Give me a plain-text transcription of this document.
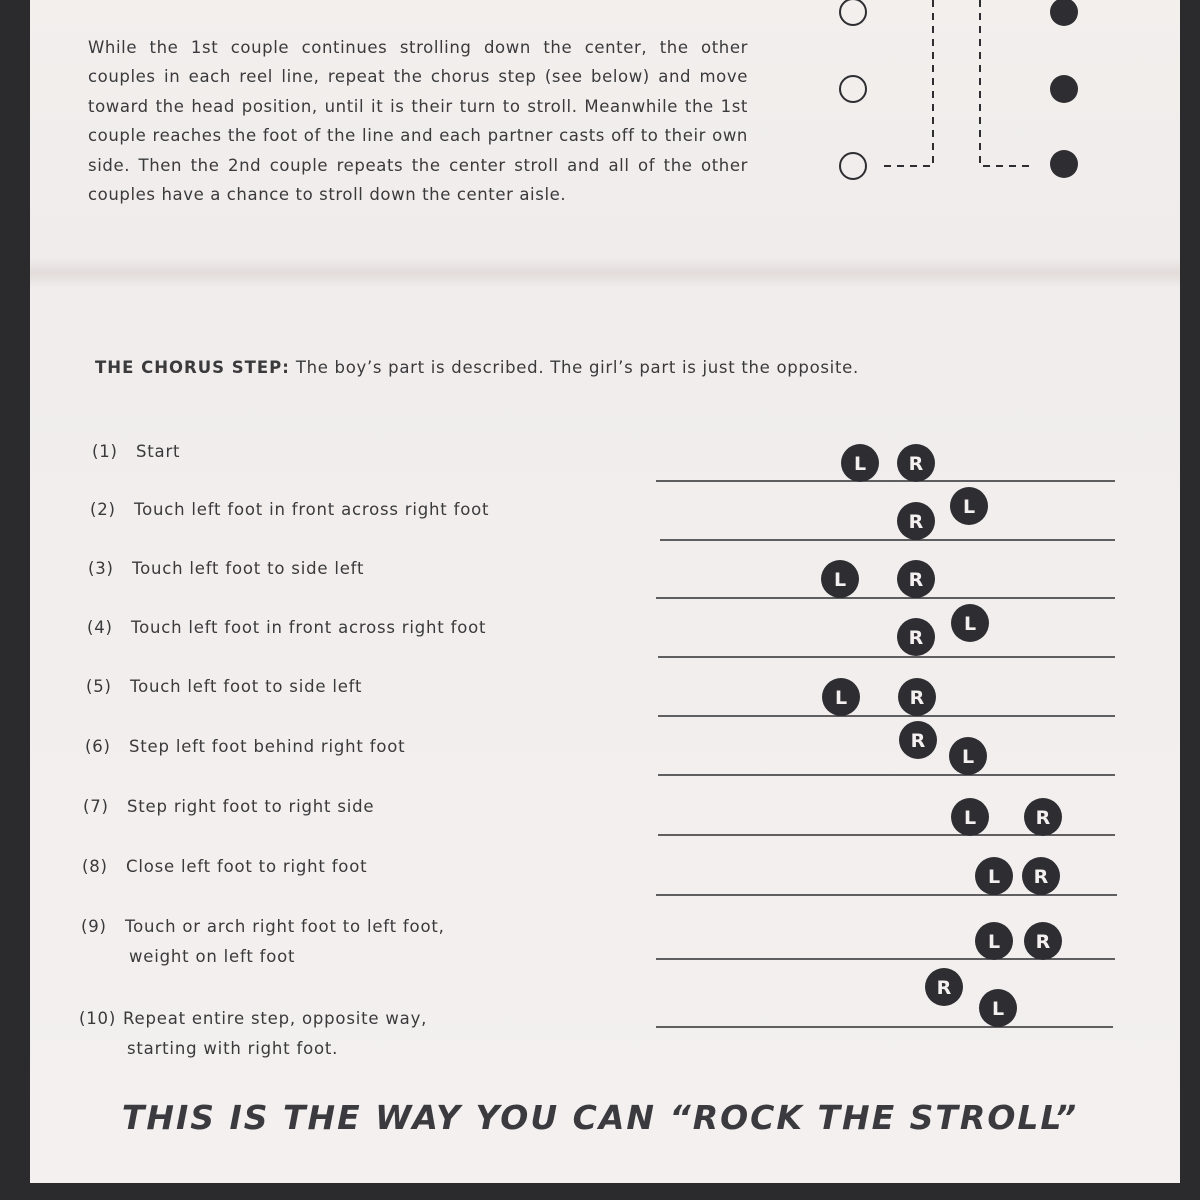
While the 1st couple continues strolling down the center, the other couples in each reel line, repeat the chorus step (see below) and move toward the head position, until it is their turn to stroll. Meanwhile the 1st couple reaches the foot of the line and each partner casts off to their own side. Then the 2nd couple repeats the center stroll and all of the other couples have a chance to stroll down the center aisle.

THE CHORUS STEP: The boy’s part is described. The girl’s part is just the opposite.
(1) Start
(2) Touch left foot in front across right foot
(3) Touch left foot to side left
(4) Touch left foot in front across right foot
(5) Touch left foot to side left
(6) Step left foot behind right foot
(7) Step right foot to right side
(8) Close left foot to right foot
(9) Touch or arch right foot to left foot,
weight on left foot
(10) Repeat entire step, opposite way,
starting with right foot.
L R
R
L
L	R
R
L
L	R
R
L
L	R
L R
L R
R
L
THIS IS THE WAY YOU CAN “ROCK THE STROLL”
